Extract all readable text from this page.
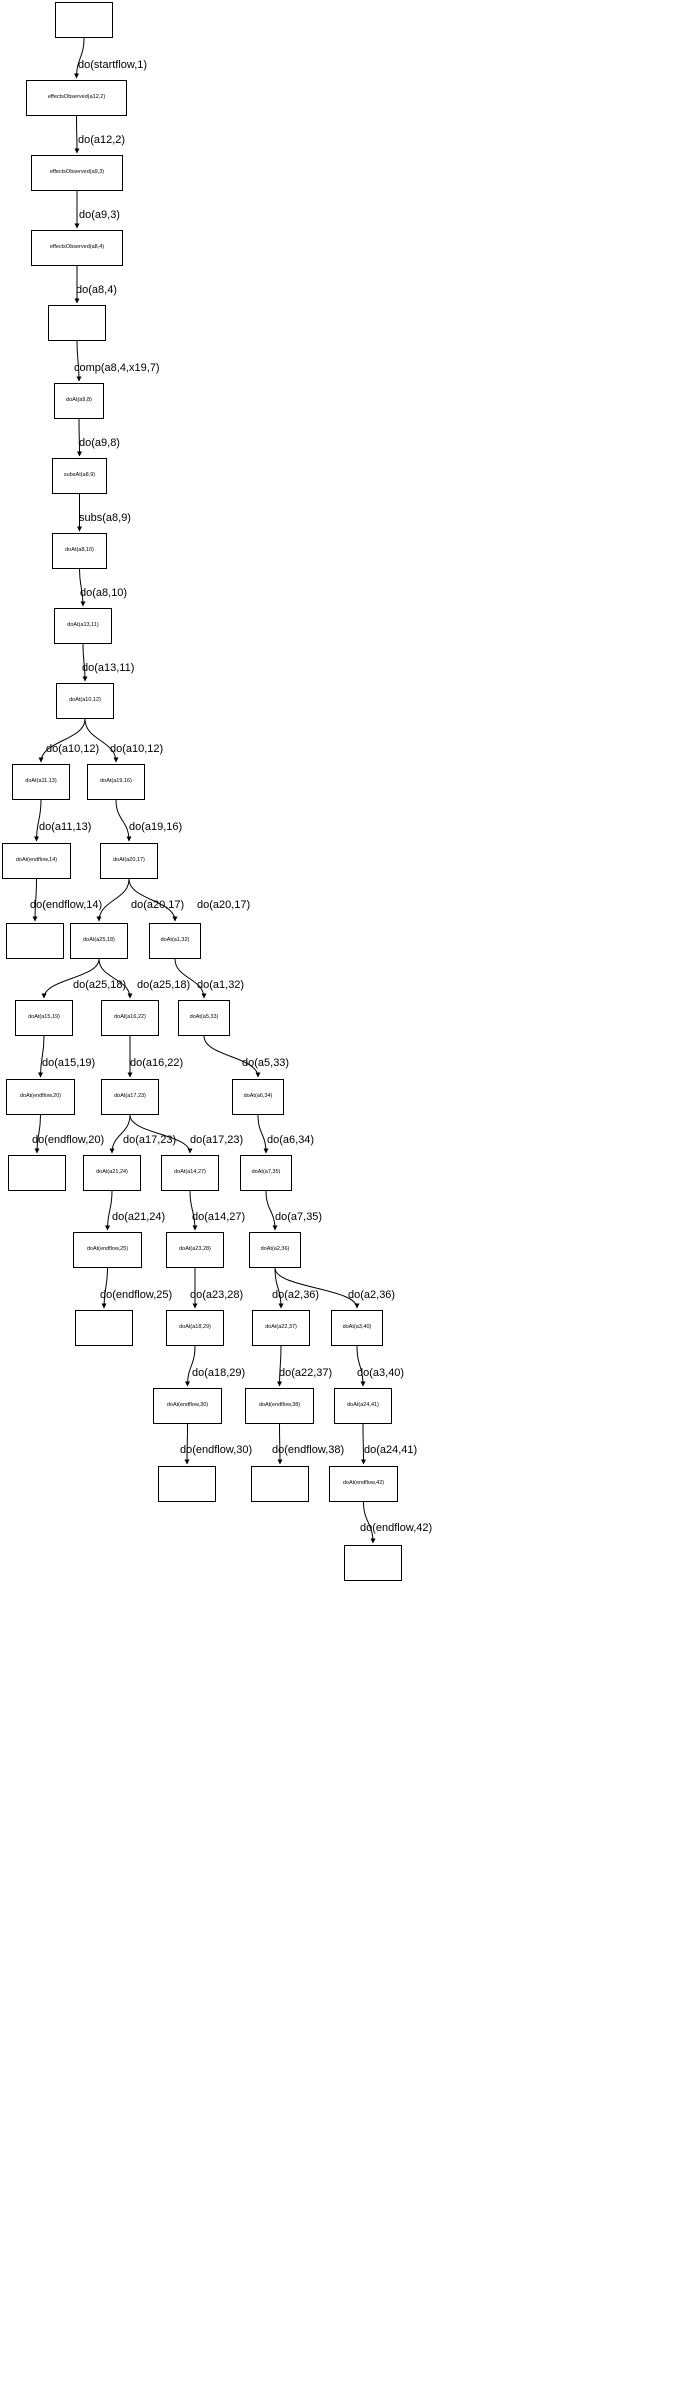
effectsObserved(a12,2)
effectsObserved(a9,3)
effectsObserved(a8,4)
doAt(a9,8)
subsAt(a8,9)
doAt(a8,10)
doAt(a13,11)
doAt(a10,12)
doAt(a11,13)	doAt(a19,16)
doAt(endflow,14)	doAt(a20,17)
doAt(a25,18)	doAt(a1,32)
doAt(a15,19)	doAt(a16,22)	doAt(a5,33)
doAt(endflow,20)	doAt(a17,23)	doAt(a6,34)
doAt(a21,24)	doAt(a14,27)	doAt(a7,35)
doAt(endflow,25)	doAt(a23,28)	doAt(a2,36)
doAt(a18,29)	doAt(a22,37)	doAt(a3,40)
doAt(endflow,30)	doAt(endflow,38)	doAt(a24,41)
doAt(endflow,42)
do(startflow,1)
do(a12,2)
do(a9,3)
do(a8,4)
comp(a8,4,x19,7)
do(a9,8)
subs(a8,9)
do(a8,10)
do(a13,11)
do(a10,12) do(a10,12)
do(a11,13)	do(a19,16)
do(endflow,14)	do(a20,17) do(a20,17)
do(a25,18) do(a25,18) do(a1,32)
do(a15,19)	do(a16,22)	do(a5,33)
do(endflow,20) do(a17,23) do(a17,23) do(a6,34)
do(a21,24) do(a14,27)	do(a7,35)
do(endflow,25) do(a23,28)	do(a2,36)	do(a2,36)
do(a18,29)	do(a22,37) do(a3,40)
do(endflow,30) do(endflow,38) do(a24,41)
do(endflow,42)
